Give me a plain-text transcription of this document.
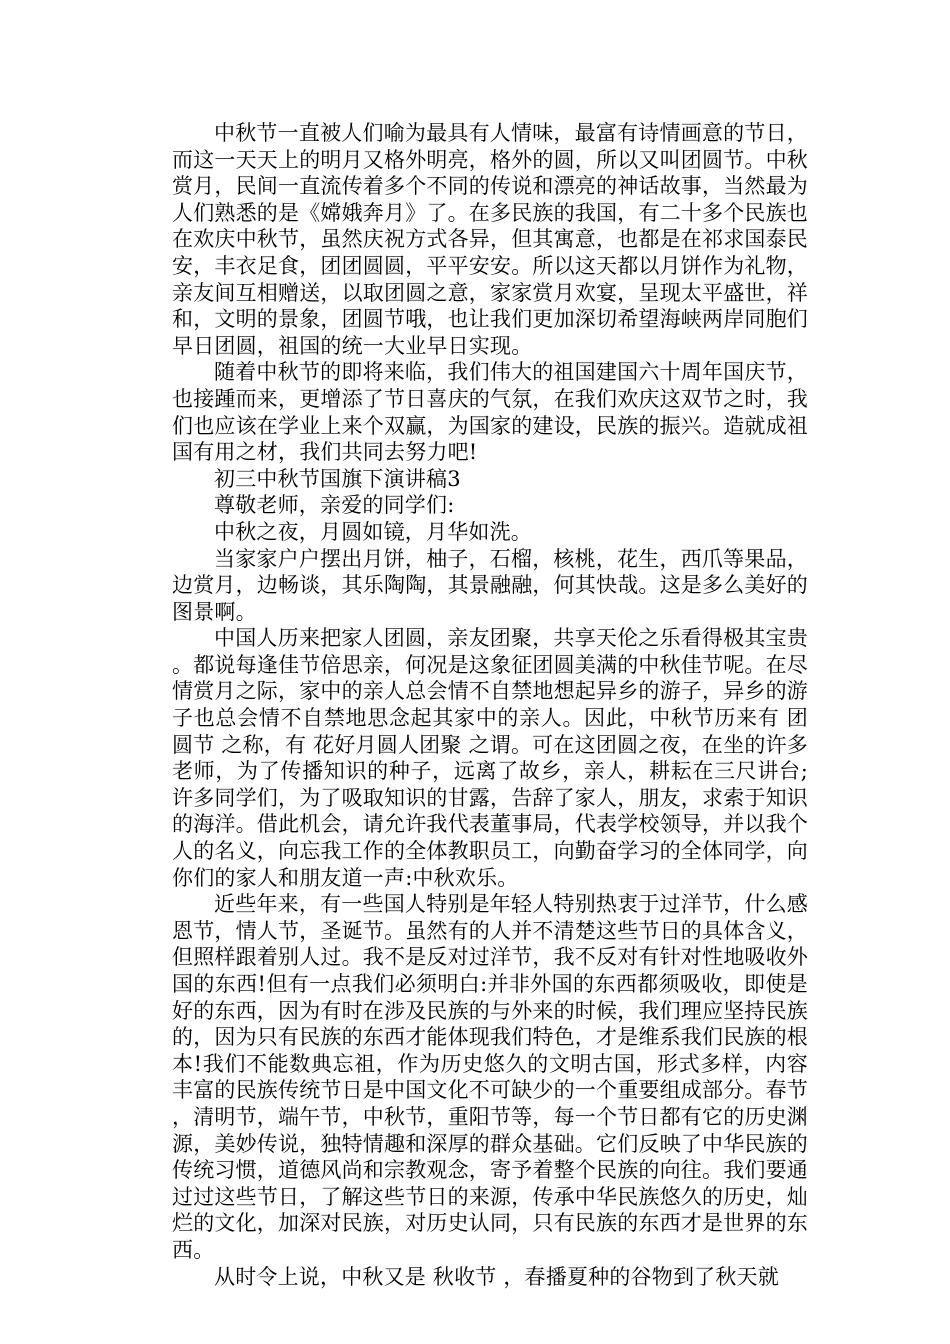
中秋节一直被人们喻为最具有人情味，最富有诗情画意的节日，而这一天天上的明月又格外明亮，格外的圆，所以又叫团圆节。中秋赏月，民间一直流传着多个不同的传说和漂亮的神话故事，当然最为人们熟悉的是《嫦娥奔月》了。在多民族的我国，有二十多个民族也在欢庆中秋节，虽然庆祝方式各异，但其寓意，也都是在祁求国泰民安，丰衣足食，团团圆圆，平平安安。所以这天都以月饼作为礼物，亲友间互相赠送，以取团圆之意，家家赏月欢宴，呈现太平盛世，祥和，文明的景象，团圆节哦，也让我们更加深切希望海峡两岸同胞们早日团圆，祖国的统一大业早日实现。

随着中秋节的即将来临，我们伟大的祖国建国六十周年国庆节，也接踵而来，更增添了节日喜庆的气氛，在我们欢庆这双节之时，我们也应该在学业上来个双赢，为国家的建设，民族的振兴。造就成祖国有用之材，我们共同去努力吧!

初三中秋节国旗下演讲稿3

尊敬老师，亲爱的同学们:

中秋之夜，月圆如镜，月华如洗。

当家家户户摆出月饼，柚子，石榴，核桃，花生，西爪等果品，边赏月，边畅谈，其乐陶陶，其景融融，何其快哉。这是多么美好的图景啊。

中国人历来把家人团圆，亲友团聚，共享天伦之乐看得极其宝贵。都说每逢佳节倍思亲，何况是这象征团圆美满的中秋佳节呢。在尽情赏月之际，家中的亲人总会情不自禁地想起异乡的游子，异乡的游子也总会情不自禁地思念起其家中的亲人。因此，中秋节历来有 团圆节 之称，有 花好月圆人团聚 之谓。可在这团圆之夜，在坐的许多老师，为了传播知识的种子，远离了故乡，亲人，耕耘在三尺讲台;许多同学们，为了吸取知识的甘露，告辞了家人，朋友，求索于知识的海洋。借此机会，请允许我代表董事局，代表学校领导，并以我个人的名义，向忘我工作的全体教职员工，向勤奋学习的全体同学，向你们的家人和朋友道一声:中秋欢乐。

近些年来，有一些国人特别是年轻人特别热衷于过洋节，什么感恩节，情人节，圣诞节。虽然有的人并不清楚这些节日的具体含义，但照样跟着别人过。我不是反对过洋节，我不反对有针对性地吸收外国的东西!但有一点我们必须明白:并非外国的东西都须吸收，即使是好的东西，因为有时在涉及民族的与外来的时候，我们理应坚持民族的，因为只有民族的东西才能体现我们特色，才是维系我们民族的根本!我们不能数典忘祖，作为历史悠久的文明古国，形式多样，内容丰富的民族传统节日是中国文化不可缺少的一个重要组成部分。春节，清明节，端午节，中秋节，重阳节等，每一个节日都有它的历史渊源，美妙传说，独特情趣和深厚的群众基础。它们反映了中华民族的传统习惯，道德风尚和宗教观念，寄予着整个民族的向往。我们要通过过这些节日，了解这些节日的来源，传承中华民族悠久的历史，灿烂的文化，加深对民族，对历史认同，只有民族的东西才是世界的东西。

从时令上说，中秋又是 秋收节 ，春播夏种的谷物到了秋天就
